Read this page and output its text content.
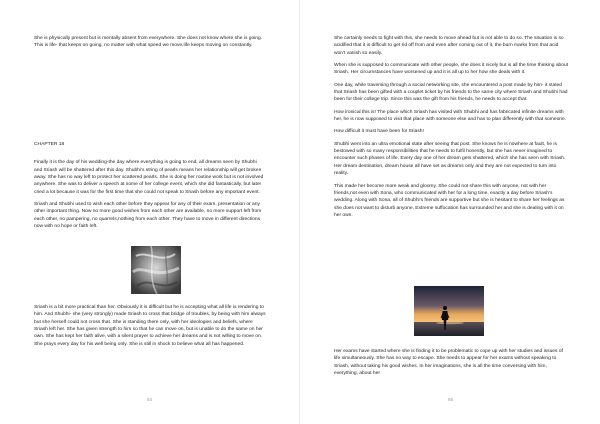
She is physically present but is mentally absent from everywhere. She does not know where she is going. This is life- that keeps on going, no matter with what speed we move,life keeps moving on constantly.

CHAPTER 18

Finally it is the day of his wedding-the day where everything is going to end, all dreams seen by Shubhi and Sriash will be shattered after this day. Shubhi's string of pearls means her relationship will get broken away. She has no way left to protect her scattered pearls. She is doing her routine work but is not involved anywhere. She was to deliver a speech at some of her college event, which she did fantastically, but later cried a lot because it was for the first time that she could not speak to Sriash before any important event.

Sriash and Shubhi used to wish each other before they appear for any of their exam, presentation or any other important thing. Now no more good wishes from each other are available, no more support left from each other, no pampering, no quarrels,nothing from each other. They have to move in different directions now with no hope or faith left.

Sriash is a bit more practical than her. Obviously it is difficult but he is accepting what all life is rendering to him. And Shubhi- she (very strongly) made Sriash to cross that bridge of troubles, by being with him always but she herself could not cross that. She is standing there only, with her ideologies and beliefs, where Sriash left her. She has given strength to him so that he can move on, but is unable to do the same on her own. She has kept her faith alive, with a silent prayer to achieve her dreams and is not willing to move on. She prays every day for his well being only. She is still in shock to believe what all has happened.

64

She certainly needs to fight with this, she needs to move ahead but is not able to do so. The situation is so acidified that it is difficult to get rid off from and even after coming out of it, the burn marks from that acid won't vanish so easily.

When she is supposed to communicate with other people, she does it nicely but is all the time thinking about Sriash. Her circumstances have worsened up and it is all up to her how she deals with it.

One day, while traversing through a social networking site, she encountered a post made by him- it stated that Sriash has been gifted with a couplet ticket by his friends to the same city where Sriash and Shubhi had been for their college trip. Since this was the gift from his friends, he needs to accept that.

How ironical this is! The place which Sriash has visited with Shubhi and has fabricated infinite dreams with her, he is now supposed to visit that place with someone else and has to plan differently with that someone.

How difficult it must have been for Sriash!

Shubhi went into an ultra emotional state after seeing that post. She knows he is nowhere at fault, he is bestowed with so many responsibilities that he needs to fulfil honestly, but she has never imagined to encounter such phases of life. Every day one of her dream gets shattered, which she has seen with Sriash. Her dream destination, dream house all have set as dreams only and they are not expected to turn into reality.

This made her become more weak and gloomy. She could not share this with anyone, not with her friends,not even with Sona, who communicated with her for a long time, exactly a day before Sriash's wedding. Along with Sona, all of Shubhi's friends are supportive but she is hesitant to share her feelings as she does not want to disturb anyone. Extreme suffocation has surrounded her and she is dealing with it on her own.

Her exams have started where she is finding it to be problematic to cope up with her studies and issues of life simultaneously. She has no way to escape. She needs to appear for her exams without speaking to Sriash, without taking his good wishes. In her imaginations, she is all the time conversing with him, everything, about her

65
